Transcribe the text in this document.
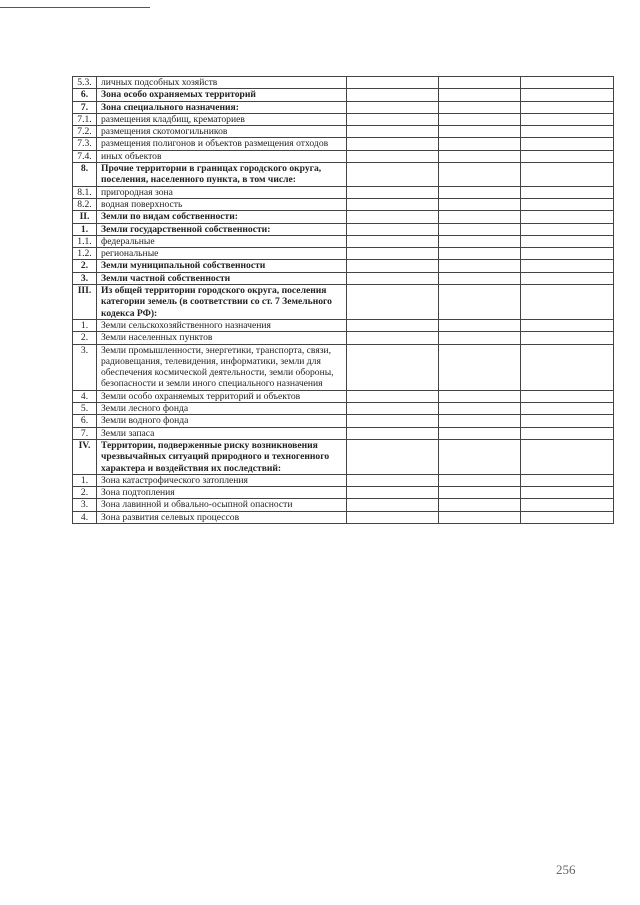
5.3.	личных подсобных хозяйств			
6.	Зона особо охраняемых территорий			
7.	Зона специального назначения:			
7.1.	размещения кладбищ, крематориев			
7.2.	размещения скотомогильников			
7.3.	размещения полигонов и объектов размещения отходов			
7.4.	иных объектов			
8.	Прочие территории в границах городского округа, поселения, населенного пункта, в том числе:			
8.1.	пригородная зона			
8.2.	водная поверхность			
II.	Земли по видам собственности:			
1.	Земли государственной собственности:			
1.1.	федеральные			
1.2.	региональные			
2.	Земли муниципальной собственности			
3.	Земли частной собственности			
III.	Из общей территории городского округа, поселения категории земель (в соответствии со ст. 7 Земельного кодекса РФ):			
1.	Земли сельскохозяйственного назначения			
2.	Земли населенных пунктов			
3.	Земли промышленности, энергетики, транспорта, связи, радиовещания, телевидения, информатики, земли для обеспечения космической деятельности, земли обороны, безопасности и земли иного специального назначения			
4.	Земли особо охраняемых территорий и объектов			
5.	Земли лесного фонда			
6.	Земли водного фонда			
7.	Земли запаса			
IV.	Территории, подверженные риску возникновения чрезвычайных ситуаций природного и техногенного характера и воздействия их последствий:			
1.	Зона катастрофического затопления			
2.	Зона подтопления			
3.	Зона лавинной и обвально-осыпной опасности			
4.	Зона развития селевых процессов			
256
